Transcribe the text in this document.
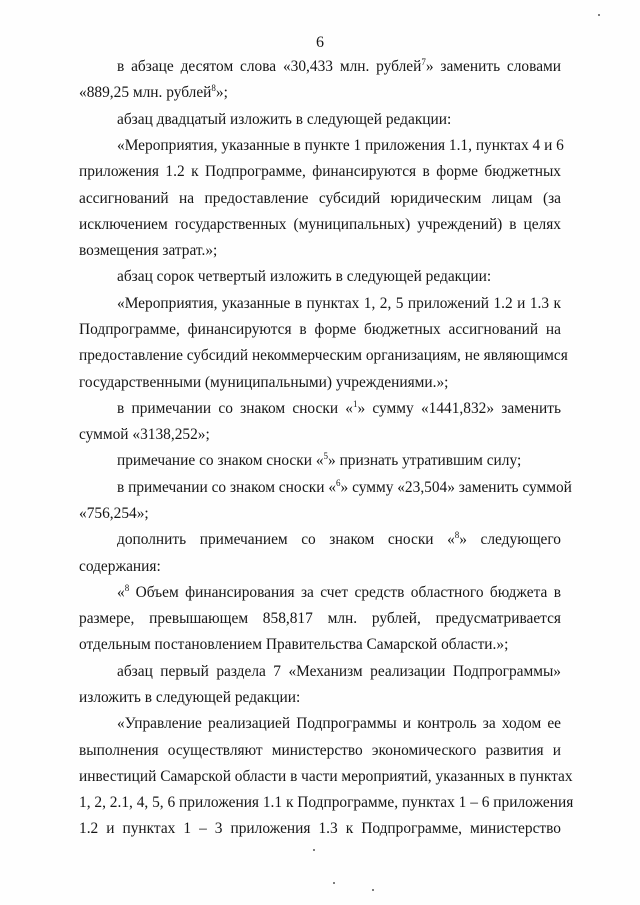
6
в абзаце десятом слова «30,433 млн. рублей$^7$» заменить словами
«889,25 млн. рублей$^8$»;
абзац двадцатый изложить в следующей редакции:
«Мероприятия, указанные в пункте 1 приложения 1.1, пунктах 4 и 6
приложения 1.2 к Подпрограмме, финансируются в форме бюджетных
ассигнований на предоставление субсидий юридическим лицам (за
исключением государственных (муниципальных) учреждений) в целях
возмещения затрат.»;
абзац сорок четвертый изложить в следующей редакции:
«Мероприятия, указанные в пунктах 1, 2, 5 приложений 1.2 и 1.3 к
Подпрограмме, финансируются в форме бюджетных ассигнований на
предоставление субсидий некоммерческим организациям, не являющимся
государственными (муниципальными) учреждениями.»;
в примечании со знаком сноски «$^1$» сумму «1441,832» заменить
суммой «3138,252»;
примечание со знаком сноски «$^5$» признать утратившим силу;
в примечании со знаком сноски «$^6$» сумму «23,504» заменить суммой
«756,254»;
дополнить примечанием со знаком сноски «$^8$» следующего
содержания:
«$^8$ Объем финансирования за счет средств областного бюджета в
размере, превышающем 858,817 млн. рублей, предусматривается
отдельным постановлением Правительства Самарской области.»;
абзац первый раздела 7 «Механизм реализации Подпрограммы»
изложить в следующей редакции:
«Управление реализацией Подпрограммы и контроль за ходом ее
выполнения осуществляют министерство экономического развития и
инвестиций Самарской области в части мероприятий, указанных в пунктах
1, 2, 2.1, 4, 5, 6 приложения 1.1 к Подпрограмме, пунктах 1 – 6 приложения
1.2 и пунктах 1 – 3 приложения 1.3 к Подпрограмме, министерство
